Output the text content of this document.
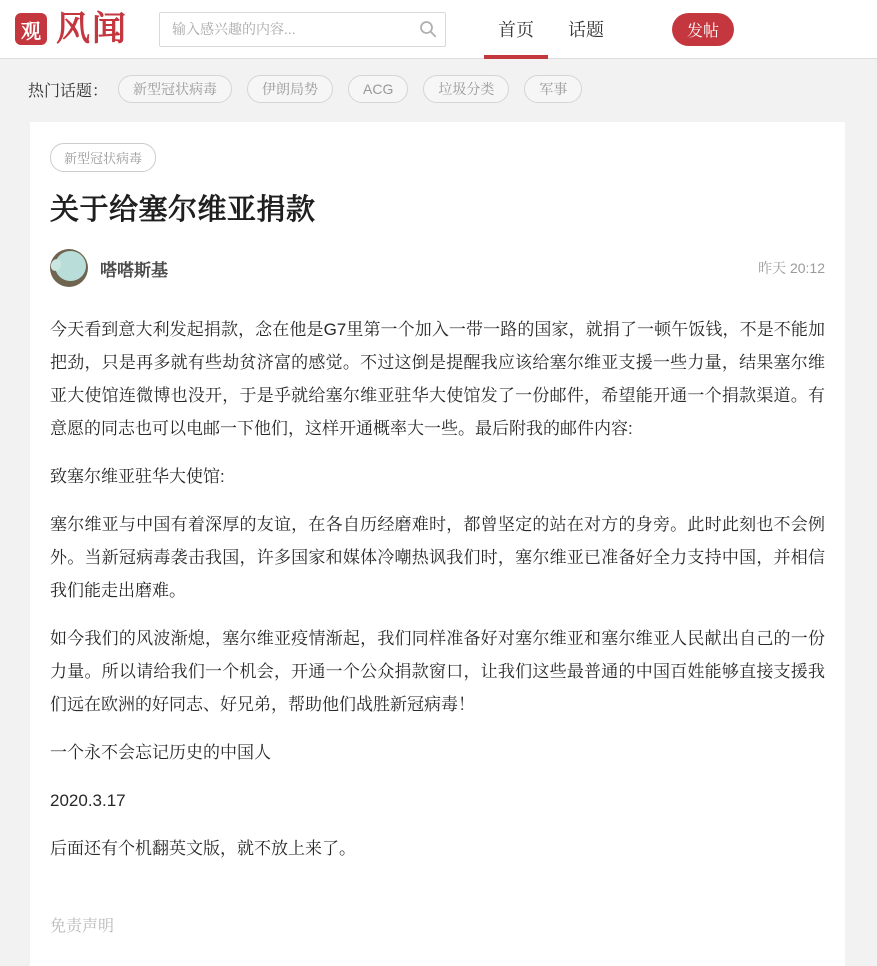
观 风闻
输入感兴趣的内容...	首页 话题	发帖
热门话题：	新型冠状病毒	伊朗局势	ACG	垃圾分类	军事
新型冠状病毒
关于给塞尔维亚捐款
嗒嗒斯基	昨天 20:12

今天看到意大利发起捐款，念在他是G7里第一个加入一带一路的国家，就捐了一顿午饭钱，不是不能加把劲，只是再多就有些劫贫济富的感觉。不过这倒是提醒我应该给塞尔维亚支援一些力量，结果塞尔维亚大使馆连微博也没开，于是乎就给塞尔维亚驻华大使馆发了一份邮件，希望能开通一个捐款渠道。有意愿的同志也可以电邮一下他们，这样开通概率大一些。最后附我的邮件内容:

致塞尔维亚驻华大使馆:

塞尔维亚与中国有着深厚的友谊，在各自历经磨难时，都曾坚定的站在对方的身旁。此时此刻也不会例外。当新冠病毒袭击我国，许多国家和媒体冷嘲热讽我们时，塞尔维亚已准备好全力支持中国，并相信我们能走出磨难。

如今我们的风波渐熄，塞尔维亚疫情渐起，我们同样准备好对塞尔维亚和塞尔维亚人民献出自己的一份力量。所以请给我们一个机会，开通一个公众捐款窗口，让我们这些最普通的中国百姓能够直接支援我们远在欧洲的好同志、好兄弟，帮助他们战胜新冠病毒！

一个永不会忘记历史的中国人

2020.3.17

后面还有个机翻英文版，就不放上来了。

免责声明
